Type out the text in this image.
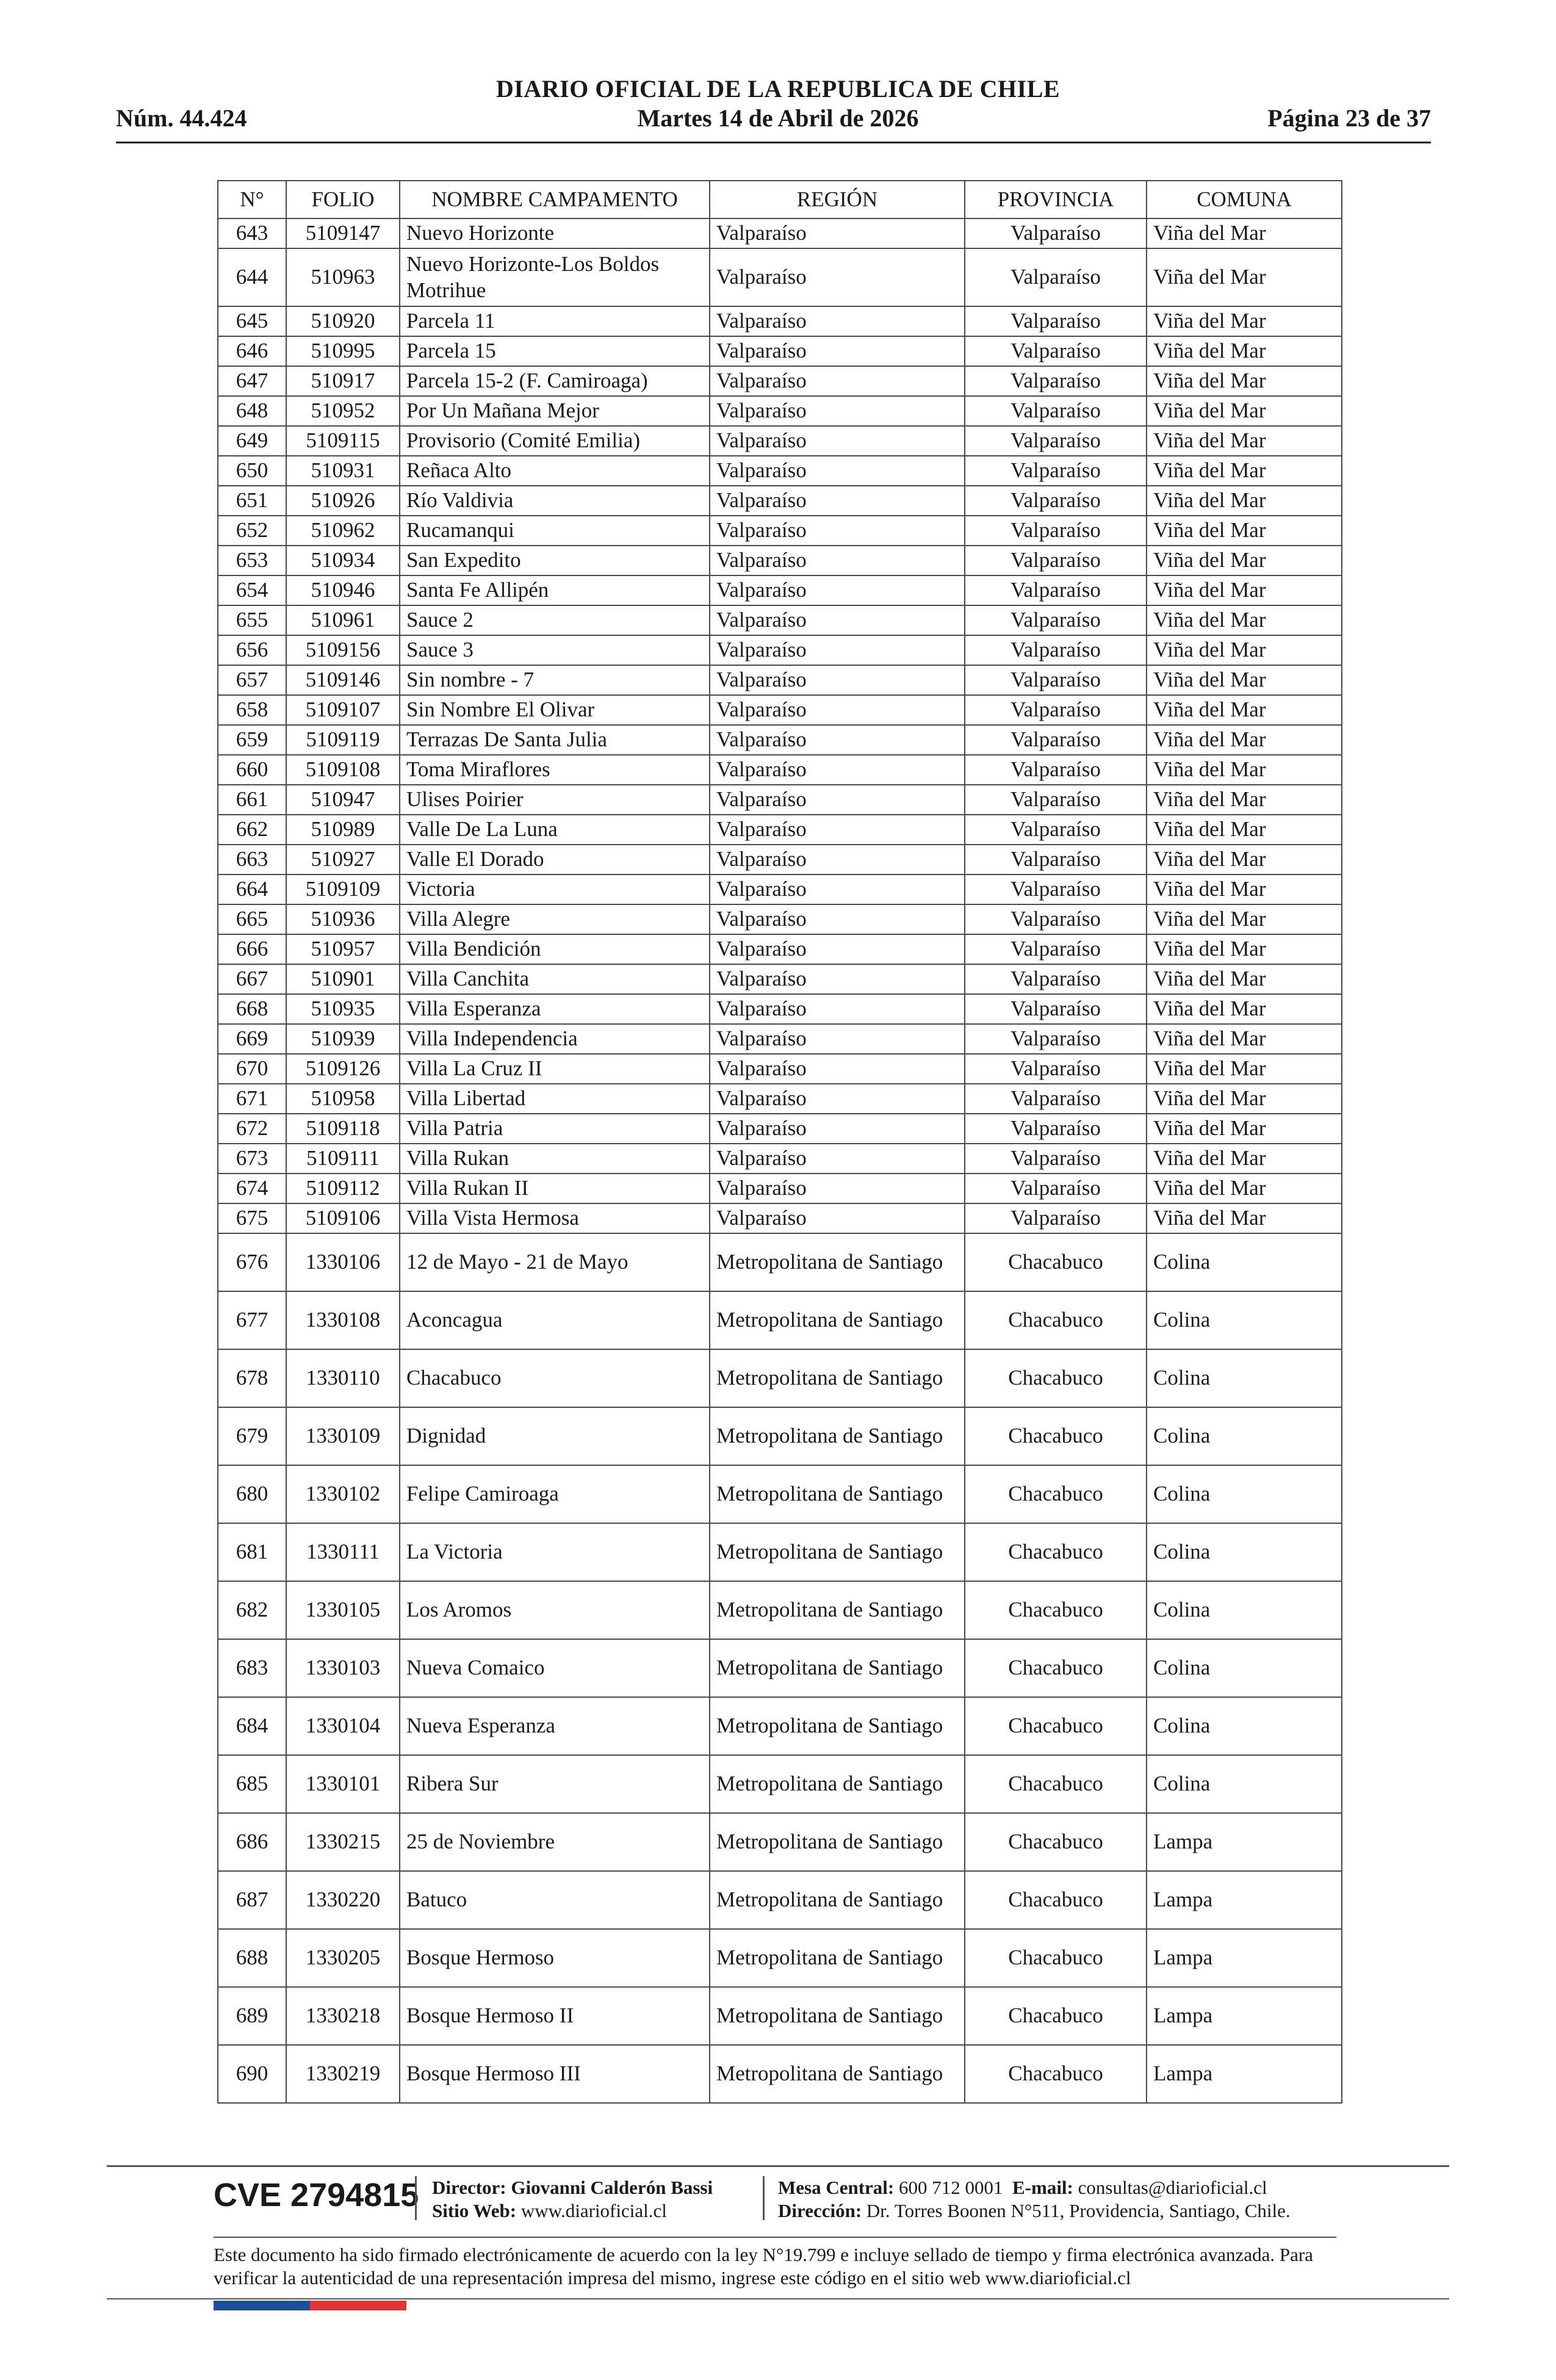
DIARIO OFICIAL DE LA REPUBLICA DE CHILE
Núm. 44.424	Martes 14 de Abril de 2026	Página 23 de 37
N°	FOLIO	NOMBRE CAMPAMENTO	REGIÓN	PROVINCIA	COMUNA
643	5109147	Nuevo Horizonte	Valparaíso	Valparaíso	Viña del Mar
644	510963	Nuevo Horizonte-Los Boldos Motrihue	Valparaíso	Valparaíso	Viña del Mar
645	510920	Parcela 11	Valparaíso	Valparaíso	Viña del Mar
646	510995	Parcela 15	Valparaíso	Valparaíso	Viña del Mar
647	510917	Parcela 15-2 (F. Camiroaga)	Valparaíso	Valparaíso	Viña del Mar
648	510952	Por Un Mañana Mejor	Valparaíso	Valparaíso	Viña del Mar
649	5109115	Provisorio (Comité Emilia)	Valparaíso	Valparaíso	Viña del Mar
650	510931	Reñaca Alto	Valparaíso	Valparaíso	Viña del Mar
651	510926	Río Valdivia	Valparaíso	Valparaíso	Viña del Mar
652	510962	Rucamanqui	Valparaíso	Valparaíso	Viña del Mar
653	510934	San Expedito	Valparaíso	Valparaíso	Viña del Mar
654	510946	Santa Fe Allipén	Valparaíso	Valparaíso	Viña del Mar
655	510961	Sauce 2	Valparaíso	Valparaíso	Viña del Mar
656	5109156	Sauce 3	Valparaíso	Valparaíso	Viña del Mar
657	5109146	Sin nombre - 7	Valparaíso	Valparaíso	Viña del Mar
658	5109107	Sin Nombre El Olivar	Valparaíso	Valparaíso	Viña del Mar
659	5109119	Terrazas De Santa Julia	Valparaíso	Valparaíso	Viña del Mar
660	5109108	Toma Miraflores	Valparaíso	Valparaíso	Viña del Mar
661	510947	Ulises Poirier	Valparaíso	Valparaíso	Viña del Mar
662	510989	Valle De La Luna	Valparaíso	Valparaíso	Viña del Mar
663	510927	Valle El Dorado	Valparaíso	Valparaíso	Viña del Mar
664	5109109	Victoria	Valparaíso	Valparaíso	Viña del Mar
665	510936	Villa Alegre	Valparaíso	Valparaíso	Viña del Mar
666	510957	Villa Bendición	Valparaíso	Valparaíso	Viña del Mar
667	510901	Villa Canchita	Valparaíso	Valparaíso	Viña del Mar
668	510935	Villa Esperanza	Valparaíso	Valparaíso	Viña del Mar
669	510939	Villa Independencia	Valparaíso	Valparaíso	Viña del Mar
670	5109126	Villa La Cruz II	Valparaíso	Valparaíso	Viña del Mar
671	510958	Villa Libertad	Valparaíso	Valparaíso	Viña del Mar
672	5109118	Villa Patria	Valparaíso	Valparaíso	Viña del Mar
673	5109111	Villa Rukan	Valparaíso	Valparaíso	Viña del Mar
674	5109112	Villa Rukan II	Valparaíso	Valparaíso	Viña del Mar
675	5109106	Villa Vista Hermosa	Valparaíso	Valparaíso	Viña del Mar
676	1330106	12 de Mayo - 21 de Mayo	Metropolitana de Santiago	Chacabuco	Colina
677	1330108	Aconcagua	Metropolitana de Santiago	Chacabuco	Colina
678	1330110	Chacabuco	Metropolitana de Santiago	Chacabuco	Colina
679	1330109	Dignidad	Metropolitana de Santiago	Chacabuco	Colina
680	1330102	Felipe Camiroaga	Metropolitana de Santiago	Chacabuco	Colina
681	1330111	La Victoria	Metropolitana de Santiago	Chacabuco	Colina
682	1330105	Los Aromos	Metropolitana de Santiago	Chacabuco	Colina
683	1330103	Nueva Comaico	Metropolitana de Santiago	Chacabuco	Colina
684	1330104	Nueva Esperanza	Metropolitana de Santiago	Chacabuco	Colina
685	1330101	Ribera Sur	Metropolitana de Santiago	Chacabuco	Colina
686	1330215	25 de Noviembre	Metropolitana de Santiago	Chacabuco	Lampa
687	1330220	Batuco	Metropolitana de Santiago	Chacabuco	Lampa
688	1330205	Bosque Hermoso	Metropolitana de Santiago	Chacabuco	Lampa
689	1330218	Bosque Hermoso II	Metropolitana de Santiago	Chacabuco	Lampa
690	1330219	Bosque Hermoso III	Metropolitana de Santiago	Chacabuco	Lampa
CVE 2794815 Director: Giovanni Calderón Bassi
Sitio Web: www.diarioficial.cl
Mesa Central: 600 712 0001 E-mail: consultas@diarioficial.cl
Dirección: Dr. Torres Boonen N°511, Providencia, Santiago, Chile.
Este documento ha sido firmado electrónicamente de acuerdo con la ley N°19.799 e incluye sellado de tiempo y firma electrónica avanzada. Para verificar la autenticidad de una representación impresa del mismo, ingrese este código en el sitio web www.diarioficial.cl
